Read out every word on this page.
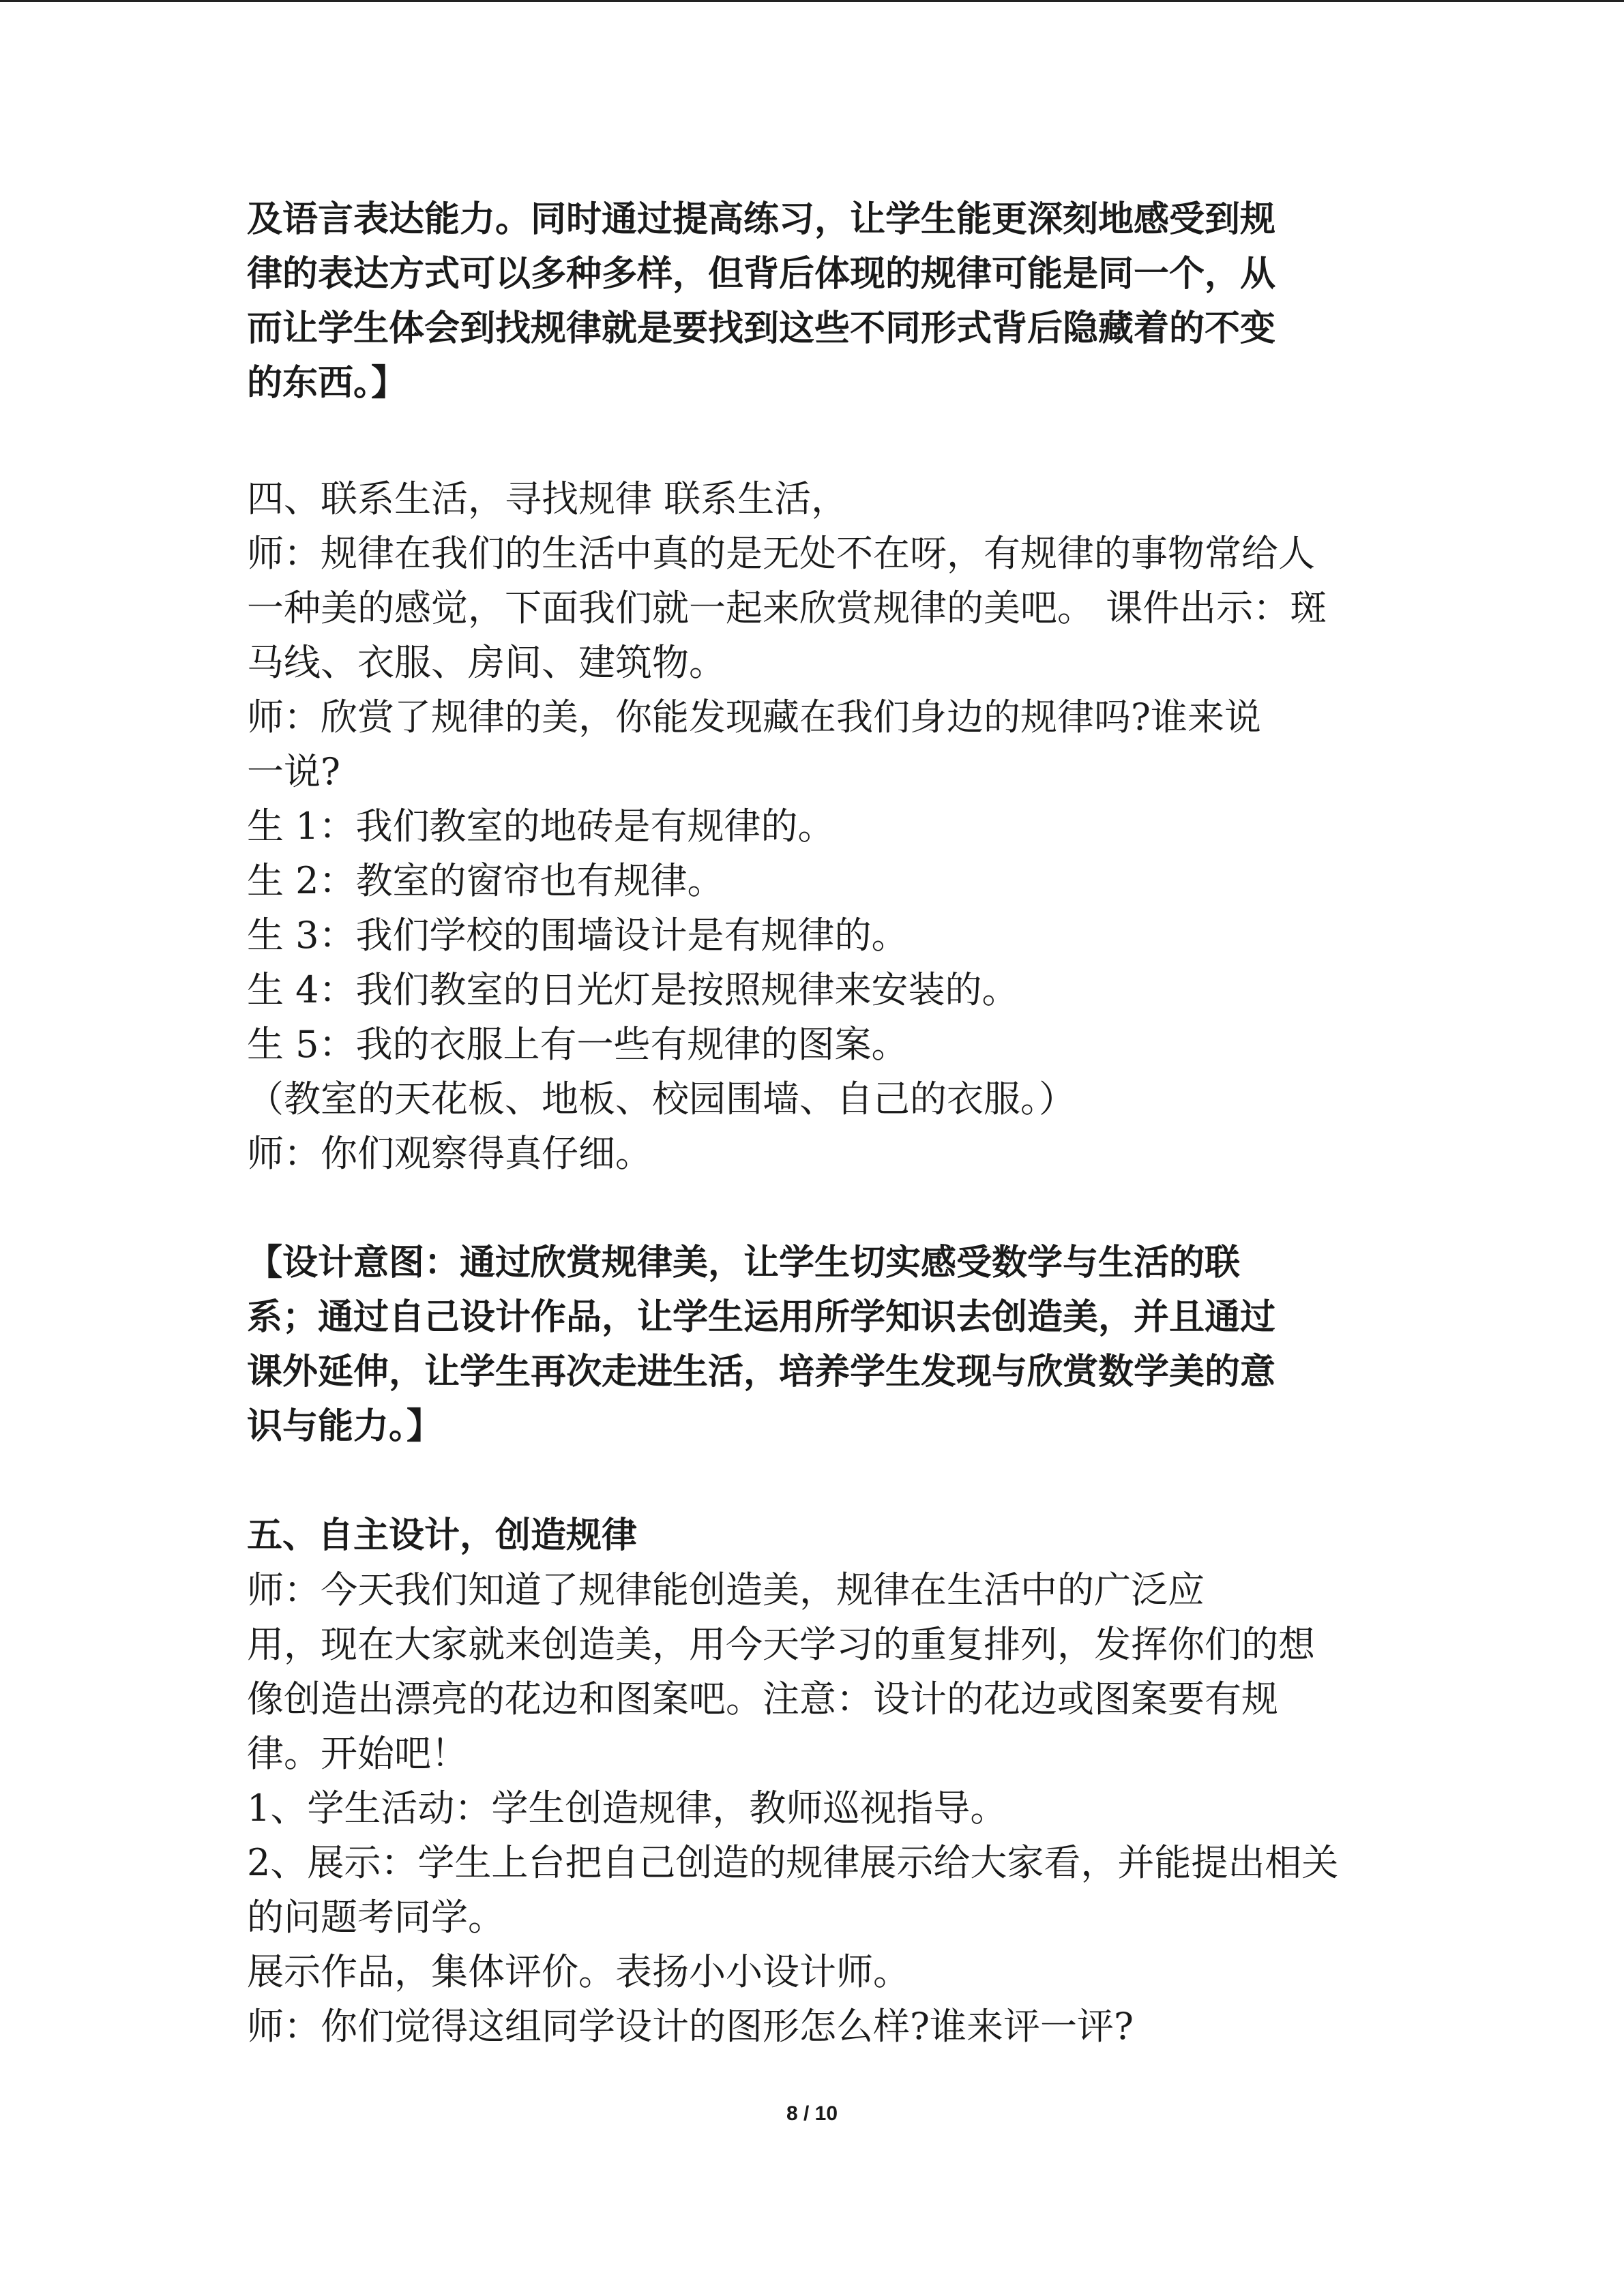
及语言表达能力。同时通过提高练习，让学生能更深刻地感受到规
律的表达方式可以多种多样，但背后体现的规律可能是同一个，从
而让学生体会到找规律就是要找到这些不同形式背后隐藏着的不变
的东西。】
四、联系生活，寻找规律 联系生活，
师：规律在我们的生活中真的是无处不在呀，有规律的事物常给人
一种美的感觉，下面我们就一起来欣赏规律的美吧。 课件出示：斑
马线、衣服、房间、建筑物。
师：欣赏了规律的美，你能发现藏在我们身边的规律吗?谁来说
一说?
生 1：我们教室的地砖是有规律的。
生 2：教室的窗帘也有规律。
生 3：我们学校的围墙设计是有规律的。
生 4：我们教室的日光灯是按照规律来安装的。
生 5：我的衣服上有一些有规律的图案。
（教室的天花板、地板、校园围墙、自己的衣服。）
师：你们观察得真仔细。
【设计意图：通过欣赏规律美，让学生切实感受数学与生活的联
系；通过自己设计作品，让学生运用所学知识去创造美，并且通过
课外延伸，让学生再次走进生活，培养学生发现与欣赏数学美的意
识与能力。】
五、自主设计，创造规律
师：今天我们知道了规律能创造美，规律在生活中的广泛应
用，现在大家就来创造美，用今天学习的重复排列，发挥你们的想
像创造出漂亮的花边和图案吧。注意：设计的花边或图案要有规
律。开始吧！
1、学生活动：学生创造规律，教师巡视指导。
2、展示：学生上台把自己创造的规律展示给大家看，并能提出相关
的问题考同学。
展示作品，集体评价。表扬小小设计师。
师：你们觉得这组同学设计的图形怎么样?谁来评一评?
8 / 10
